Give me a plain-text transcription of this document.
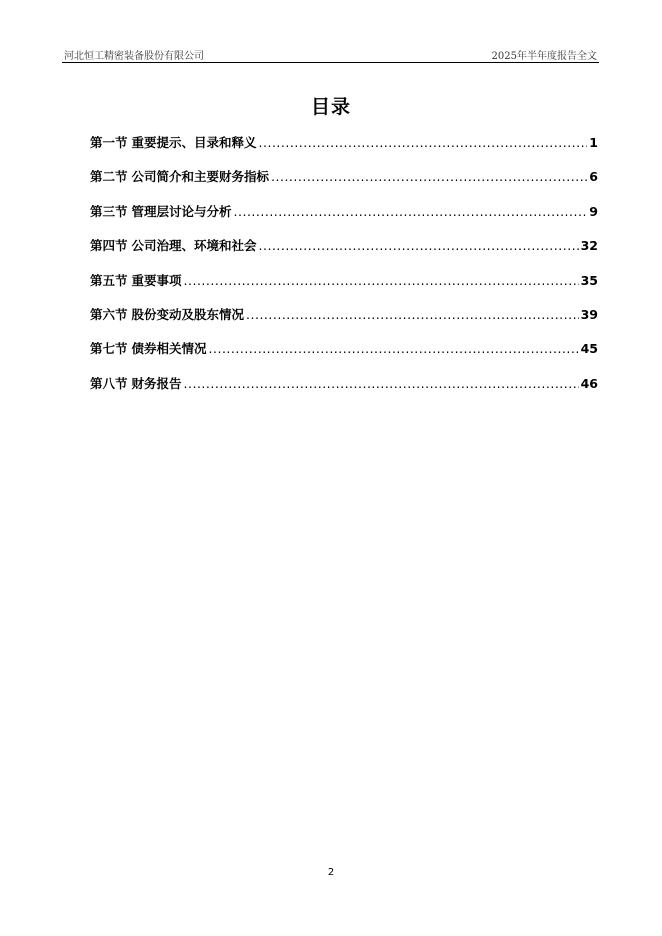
河北恒工精密装备股份有限公司	2025年半年度报告全文
目录
第一节 重要提示、目录和释义 .....	1
第二节 公司简介和主要财务指标 .....	6
第三节 管理层讨论与分析 .....	9
第四节 公司治理、环境和社会 .....	32
第五节 重要事项 .....	35
第六节 股份变动及股东情况 .....	39
第七节 债券相关情况 .....	45
第八节 财务报告 .....	46
2
